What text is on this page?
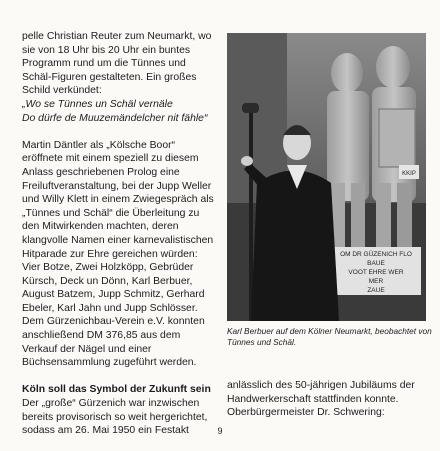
pelle Christian Reuter zum Neumarkt, wo sie von 18 Uhr bis 20 Uhr ein buntes Programm rund um die Tünnes und Schäl-Figuren gestalteten. Ein großes Schild verkündet:

„Wo se Tünnes un Schäl vernäle

Do dürfe de Muuzemändelcher nit fähle“

Martin Däntler als „Kölsche Boor“ eröffnete mit einem speziell zu diesem Anlass geschriebenen Prolog eine Freiluftveranstaltung, bei der Jupp Weller und Willy Klett in einem Zwiegespräch als „Tünnes und Schäl“ die Überleitung zu den Mitwirkenden machten, deren klangvolle Namen einer karnevalistischen Hitparade zur Ehre gereichen würden: Vier Botze, Zwei Holzköpp, Gebrüder Kürsch, Deck un Dönn, Karl Berbuer, August Batzem, Jupp Schmitz, Gerhard Ebeler, Karl Jahn und Jupp Schlösser. Dem Gürzenichbau-Verein e.V. konnten anschließend DM 376,85 aus dem Verkauf der Nägel und einer Büchsensammlung zugeführt werden.

Köln soll das Symbol der Zukunft sein

Der „große“ Gürzenich war inzwischen bereits provisorisch so weit hergerichtet, sodass am 26. Mai 1950 ein Festakt

KKIP
OM DR GÜZENICH FLO
BAUE
VOOT EHRE WER
MER
ZAUE
Karl Berbuer auf dem Kölner Neumarkt, beobachtet von Tünnes und Schäl.

anlässlich des 50-jährigen Jubiläums der Handwerkerschaft stattfinden konnte. Oberbürgermeister Dr. Schwering:

9
